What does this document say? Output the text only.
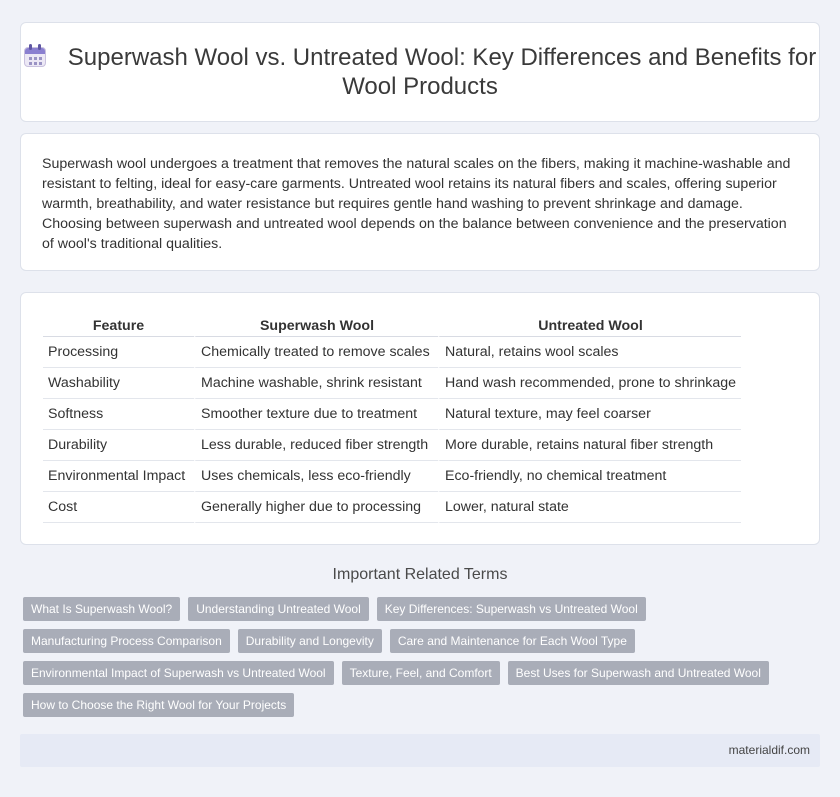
Superwash Wool vs. Untreated Wool: Key Differences and Benefits for Wool Products

Superwash wool undergoes a treatment that removes the natural scales on the fibers, making it machine-washable and resistant to felting, ideal for easy-care garments. Untreated wool retains its natural fibers and scales, offering superior warmth, breathability, and water resistance but requires gentle hand washing to prevent shrinkage and damage. Choosing between superwash and untreated wool depends on the balance between convenience and the preservation of wool's traditional qualities.

Feature	Superwash Wool	Untreated Wool
Processing	Chemically treated to remove scales	Natural, retains wool scales
Washability	Machine washable, shrink resistant	Hand wash recommended, prone to shrinkage
Softness	Smoother texture due to treatment	Natural texture, may feel coarser
Durability	Less durable, reduced fiber strength	More durable, retains natural fiber strength
Environmental Impact	Uses chemicals, less eco-friendly	Eco-friendly, no chemical treatment
Cost	Generally higher due to processing	Lower, natural state
Important Related Terms
What Is Superwash Wool?	Understanding Untreated Wool	Key Differences: Superwash vs Untreated Wool
Manufacturing Process Comparison	Durability and Longevity	Care and Maintenance for Each Wool Type
Environmental Impact of Superwash vs Untreated Wool	Texture, Feel, and Comfort	Best Uses for Superwash and Untreated Wool
How to Choose the Right Wool for Your Projects
materialdif.com
